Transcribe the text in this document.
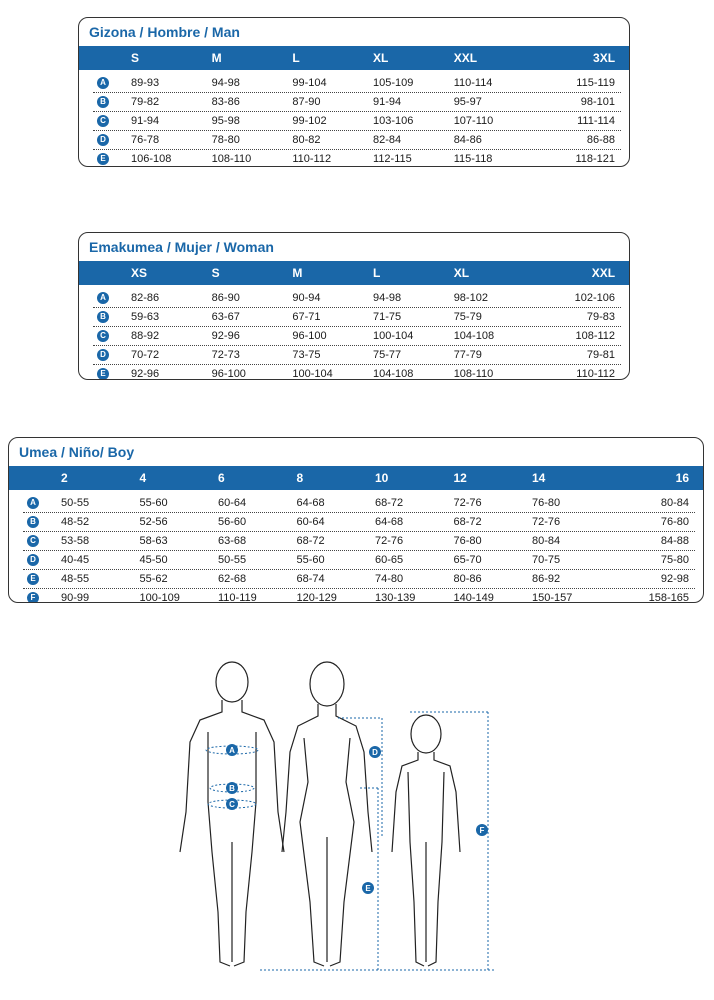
Gizona / Hombre / Man
S	M	L	XL	XXL	3XL
A 89-93	94-98	99-104	105-109	110-114	115-119
B 79-82	83-86	87-90	91-94	95-97	98-101
C 91-94	95-98	99-102	103-106	107-110	111-114
D 76-78	78-80	80-82	82-84	84-86	86-88
E	106-108	108-110	110-112	112-115	115-118	118-121
Emakumea / Mujer / Woman
XS	S	M	L	XL	XXL
A 82-86	86-90	90-94	94-98	98-102	102-106
B 59-63	63-67	67-71	71-75	75-79	79-83
C 88-92	92-96	96-100	100-104	104-108	108-112
D 70-72	72-73	73-75	75-77	77-79	79-81
E	92-96	96-100	100-104	104-108	108-110	110-112
Umea / Niño/ Boy
2	4	6	8	10	12	14	16
A 50-55	55-60	60-64	64-68	68-72	72-76	76-80	80-84
B 48-52	52-56	56-60	60-64	64-68	68-72	72-76	76-80
C 53-58	58-63	63-68	68-72	72-76	76-80	80-84	84-88
D 40-45	45-50	50-55	55-60	60-65	65-70	70-75	75-80
E	48-55	55-62	62-68	68-74	74-80	80-86	86-92	92-98
F	90-99	100-109	110-119	120-129	130-139	140-149	150-157	158-165
A
B
C
D
E
F
